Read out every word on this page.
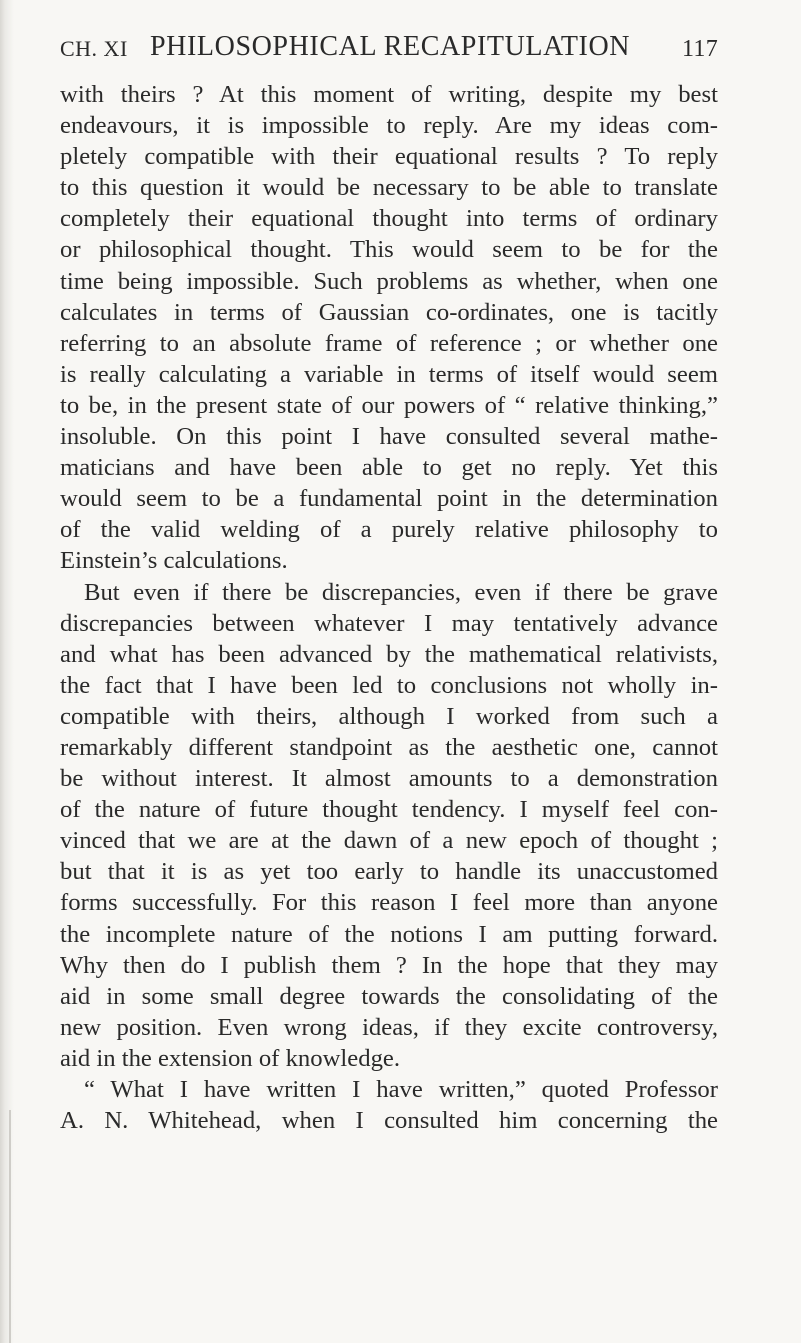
CH. XI PHILOSOPHICAL RECAPITULATION 117
with theirs ? At this moment of writing, despite my best
endeavours, it is impossible to reply. Are my ideas com-
pletely compatible with their equational results ? To reply
to this question it would be necessary to be able to translate
completely their equational thought into terms of ordinary
or philosophical thought. This would seem to be for the
time being impossible. Such problems as whether, when one
calculates in terms of Gaussian co-ordinates, one is tacitly
referring to an absolute frame of reference ; or whether one
is really calculating a variable in terms of itself would seem
to be, in the present state of our powers of “ relative thinking,”
insoluble. On this point I have consulted several mathe-
maticians and have been able to get no reply. Yet this
would seem to be a fundamental point in the determination
of the valid welding of a purely relative philosophy to
Einstein’s calculations.
But even if there be discrepancies, even if there be grave
discrepancies between whatever I may tentatively advance
and what has been advanced by the mathematical relativists,
the fact that I have been led to conclusions not wholly in-
compatible with theirs, although I worked from such a
remarkably different standpoint as the aesthetic one, cannot
be without interest. It almost amounts to a demonstration
of the nature of future thought tendency. I myself feel con-
vinced that we are at the dawn of a new epoch of thought ;
but that it is as yet too early to handle its unaccustomed
forms successfully. For this reason I feel more than anyone
the incomplete nature of the notions I am putting forward.
Why then do I publish them ? In the hope that they may
aid in some small degree towards the consolidating of the
new position. Even wrong ideas, if they excite controversy,
aid in the extension of knowledge.
“ What I have written I have written,” quoted Professor
A. N. Whitehead, when I consulted him concerning the
